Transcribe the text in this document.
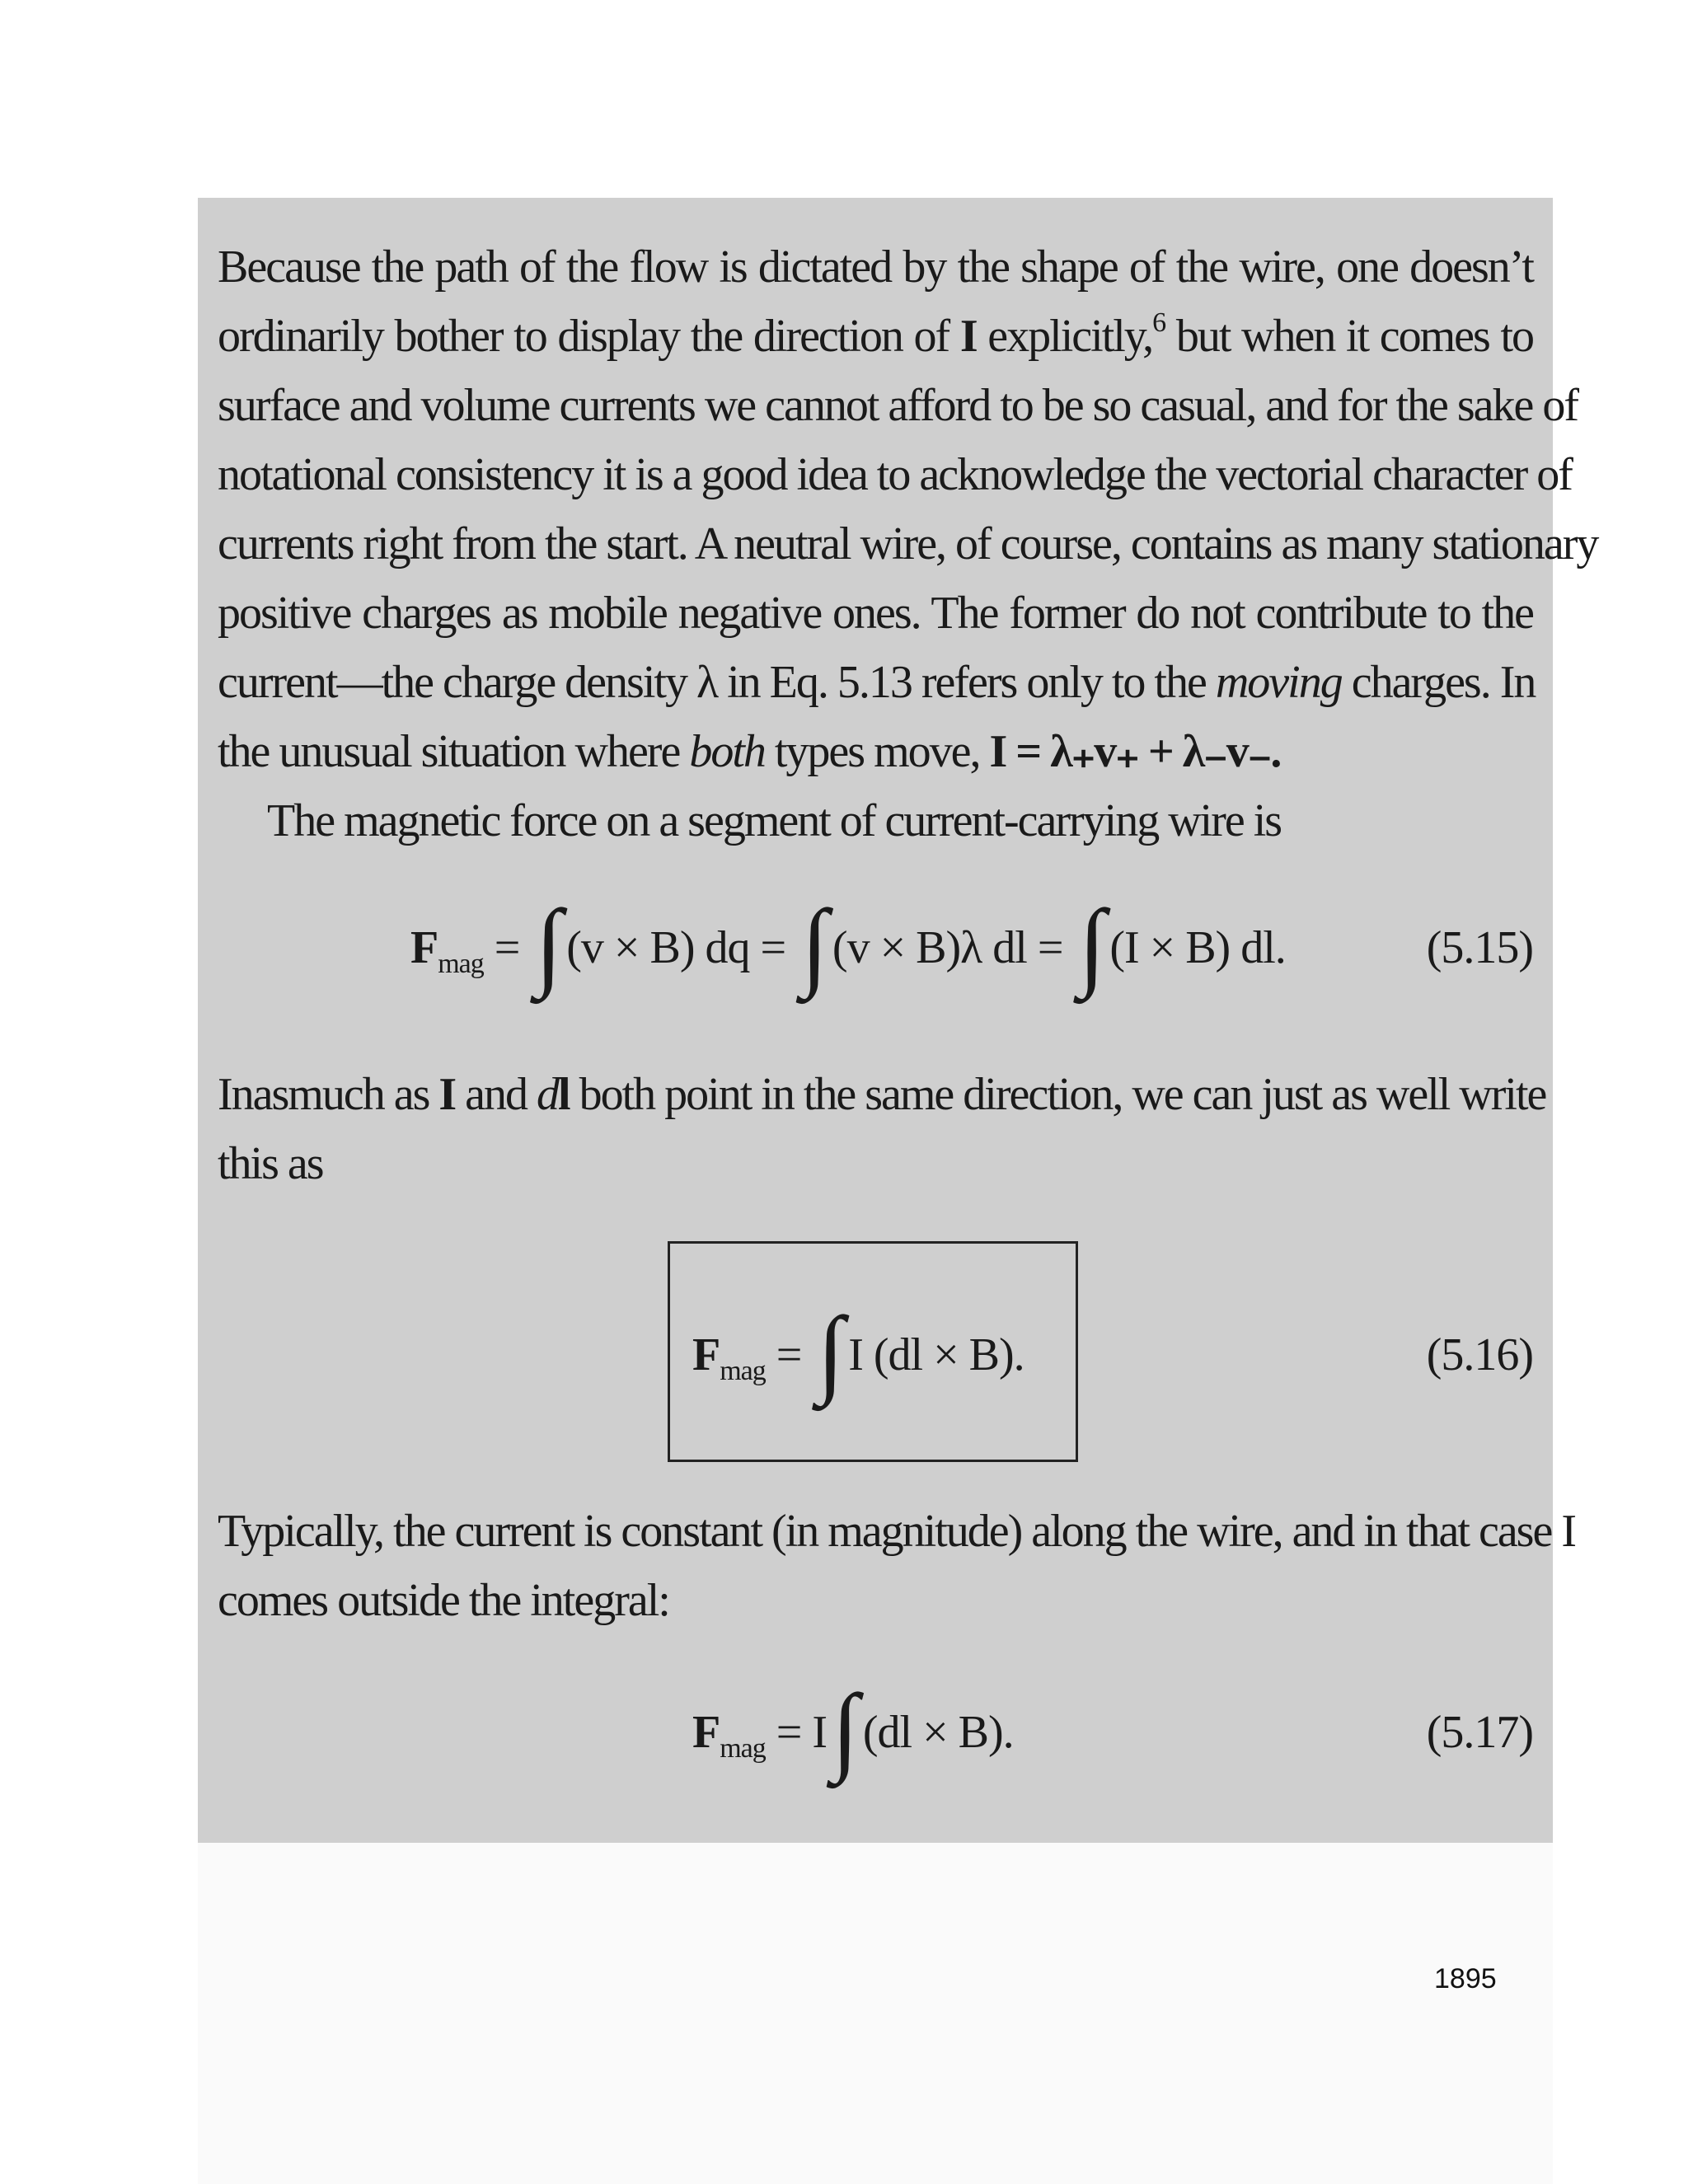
Because the path of the flow is dictated by the shape of the wire, one doesn’t
ordinarily bother to display the direction of I explicitly,$^6$ but when it comes to
surface and volume currents we cannot afford to be so casual, and for the sake of
notational consistency it is a good idea to acknowledge the vectorial character of
currents right from the start. A neutral wire, of course, contains as many stationary
positive charges as mobile negative ones. The former do not contribute to the
current—the charge density λ in Eq. 5.13 refers only to the moving charges. In
the unusual situation where both types move, I = λ₊v₊ + λ₋v₋.
The magnetic force on a segment of current-carrying wire is
$F_{mag}$ = ∫ (v × B) dq = ∫ (v × B)λ dl = ∫ (I × B) dl.	(5.15)
Inasmuch as I and dl both point in the same direction, we can just as well write
this as
$F_{mag}$ = ∫ I (dl × B).	(5.16)
Typically, the current is constant (in magnitude) along the wire, and in that case I
comes outside the integral:
$F_{mag} = I\int$ (dl × B).	(5.17)
1895
